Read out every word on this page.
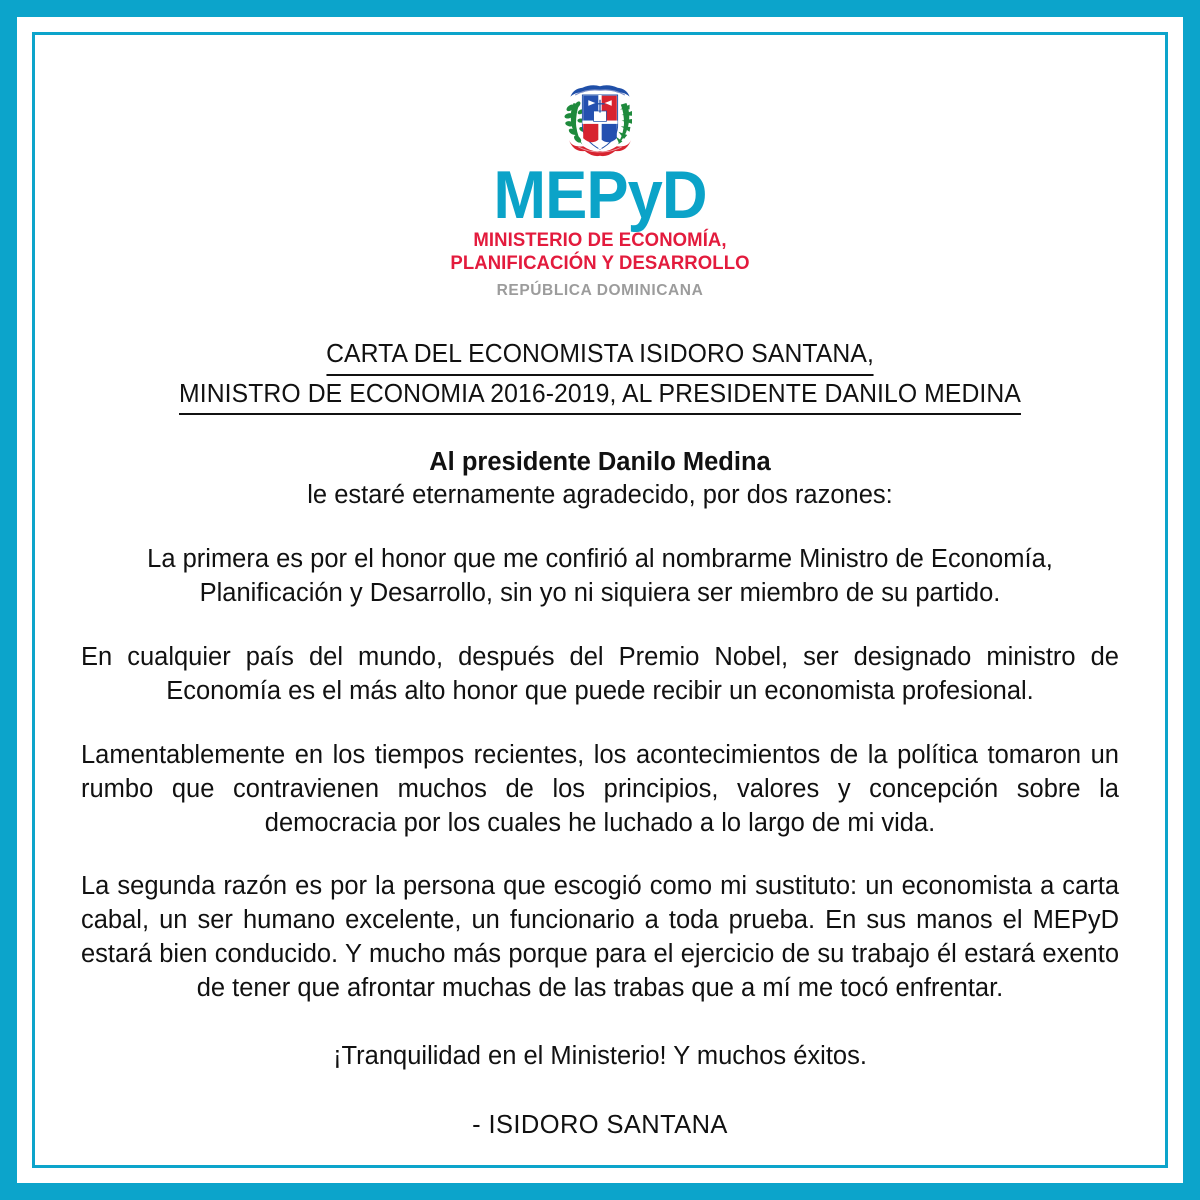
MEPyD
MINISTERIO DE ECONOMÍA,
PLANIFICACIÓN Y DESARROLLO
REPÚBLICA DOMINICANA
CARTA DEL ECONOMISTA ISIDORO SANTANA,
MINISTRO DE ECONOMIA 2016-2019, AL PRESIDENTE DANILO MEDINA
Al presidente Danilo Medina
le estaré eternamente agradecido, por dos razones:

La primera es por el honor que me confirió al nombrarme Ministro de Economía, Planificación y Desarrollo, sin yo ni siquiera ser miembro de su partido.

En cualquier país del mundo, después del Premio Nobel, ser designado ministro de Economía es el más alto honor que puede recibir un economista profesional.

Lamentablemente en los tiempos recientes, los acontecimientos de la política tomaron un rumbo que contravienen muchos de los principios, valores y concepción sobre la democracia por los cuales he luchado a lo largo de mi vida.

La segunda razón es por la persona que escogió como mi sustituto: un economista a carta cabal, un ser humano excelente, un funcionario a toda prueba. En sus manos el MEPyD estará bien conducido. Y mucho más porque para el ejercicio de su trabajo él estará exento de tener que afrontar muchas de las trabas que a mí me tocó enfrentar.

¡Tranquilidad en el Ministerio! Y muchos éxitos.
- ISIDORO SANTANA
